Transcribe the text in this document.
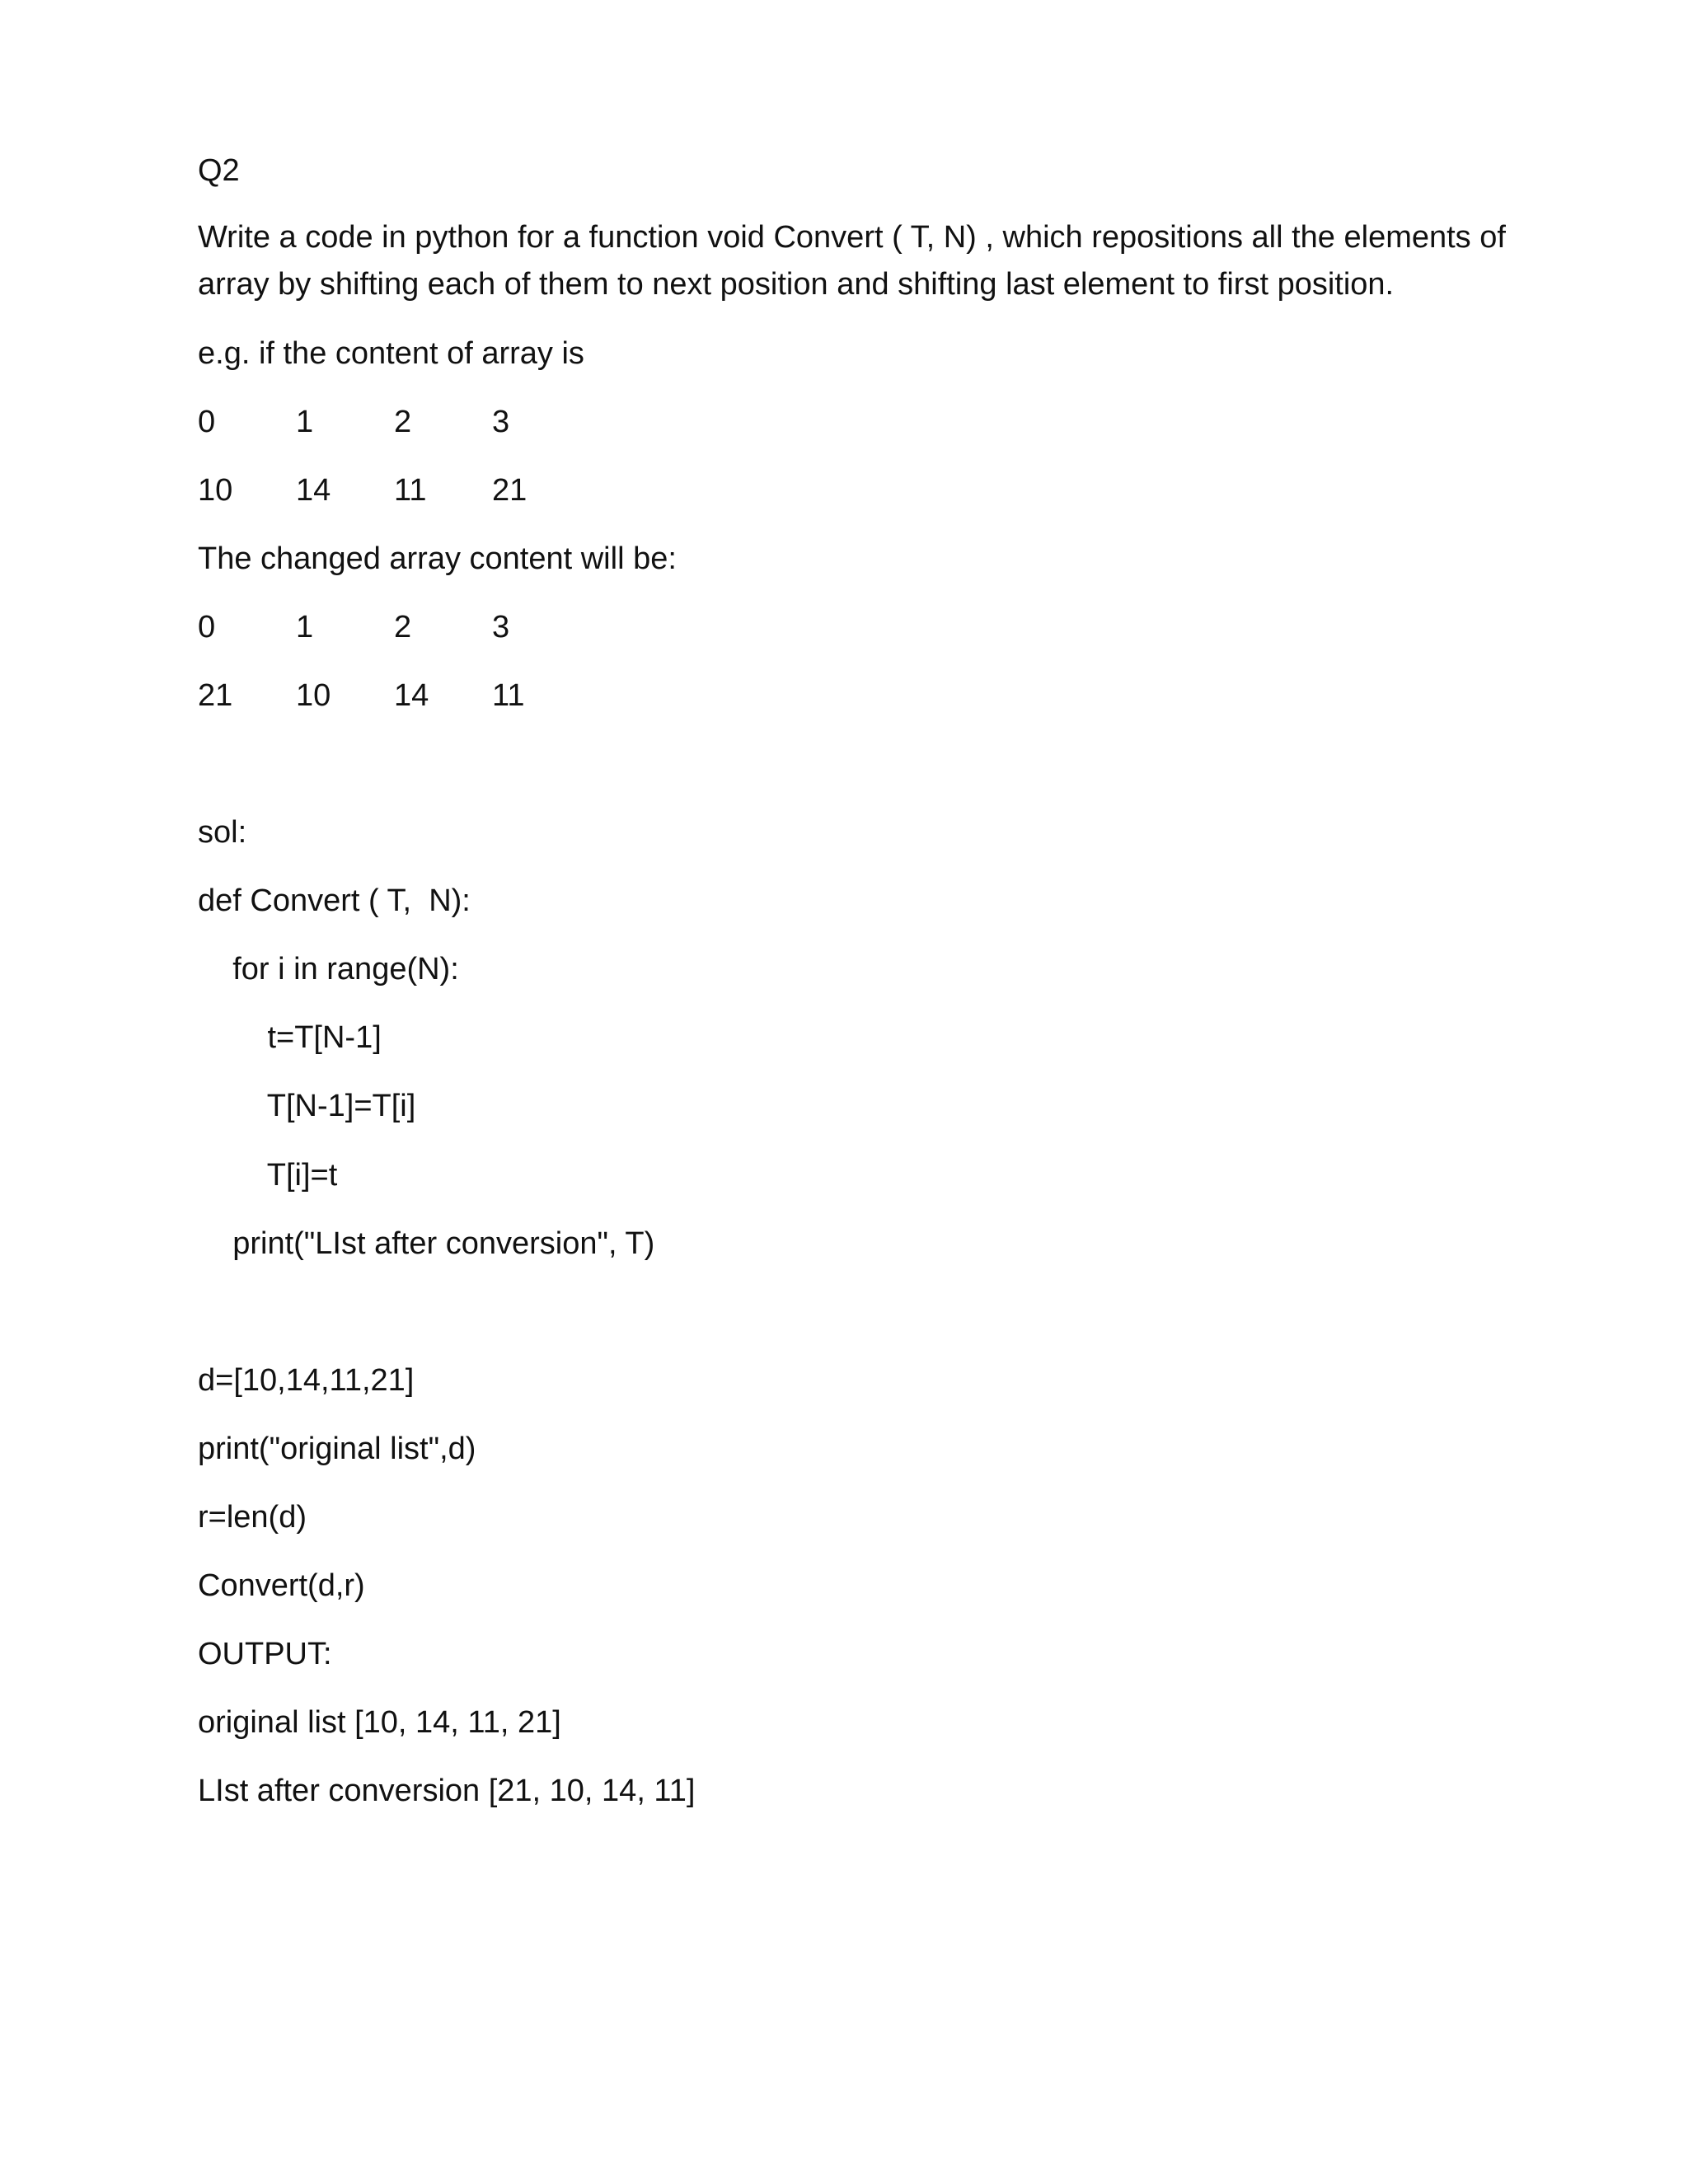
Q2
Write a code in python for a function void Convert ( T, N) , which repositions all the elements of array by shifting each of them to next position and shifting last element to first position.
e.g. if the content of array is
0	1	2	3
10 14 11 21
The changed array content will be:
0	1	2	3
21 10 14 11
sol:
def Convert ( T,  N):
for i in range(N):
t=T[N-1]
T[N-1]=T[i]
T[i]=t
print("LIst after conversion", T)
d=[10,14,11,21]
print("original list",d)
r=len(d)
Convert(d,r)
OUTPUT:
original list [10, 14, 11, 21]
LIst after conversion [21, 10, 14, 11]
